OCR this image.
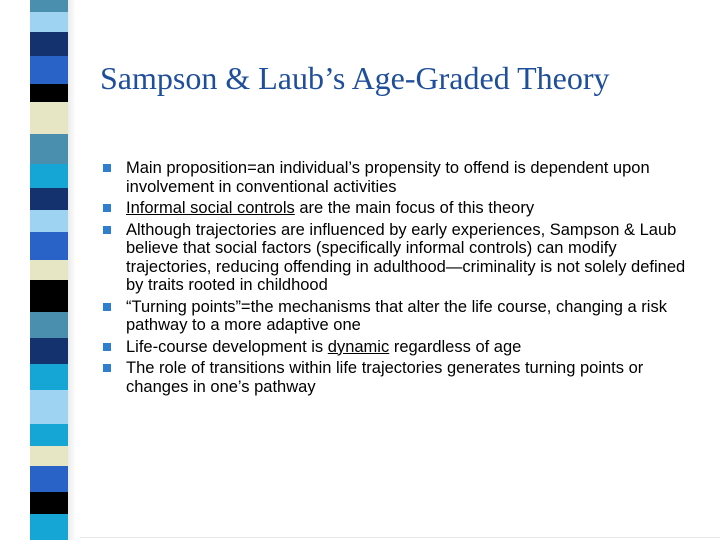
Sampson & Laub’s Age-Graded Theory
Main proposition=an individual’s propensity to offend is dependent upon involvement in conventional activities
Informal social controls are the main focus of this theory
Although trajectories are influenced by early experiences, Sampson & Laub believe that social factors (specifically informal controls) can modify trajectories, reducing offending in adulthood—criminality is not solely defined by traits rooted in childhood
“Turning points”=the mechanisms that alter the life course, changing a risk pathway to a more adaptive one
Life-course development is dynamic regardless of age
The role of transitions within life trajectories generates turning points or changes in one’s pathway
